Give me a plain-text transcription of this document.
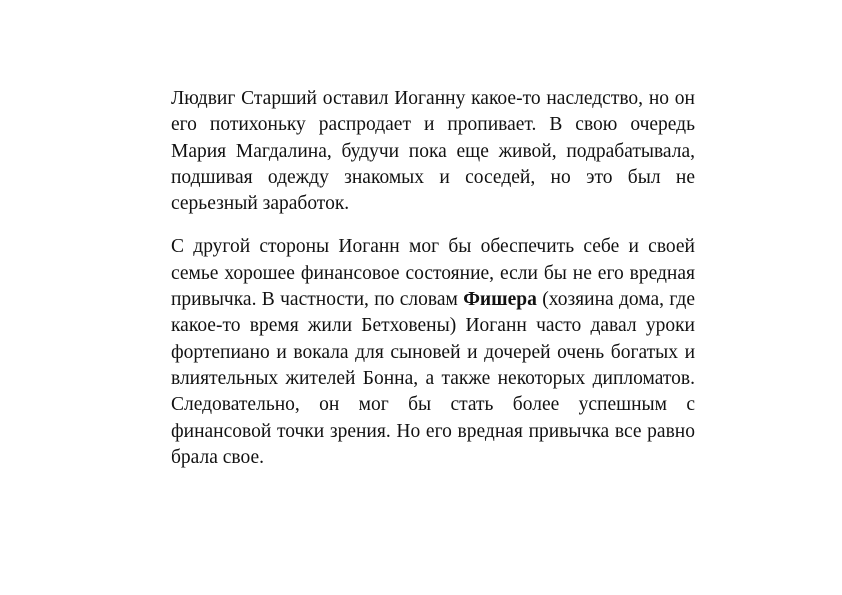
Людвиг Старший оставил Иоганну какое-то наследство, но он его потихоньку распродает и пропивает. В свою очередь Мария Магдалина, будучи пока еще живой, подрабатывала, подшивая одежду знакомых и соседей, но это был не серьезный заработок.

С другой стороны Иоганн мог бы обеспечить себе и своей семье хорошее финансовое состояние, если бы не его вредная привычка. В частности, по словам Фишера (хозяина дома, где какое-то время жили Бетховены) Иоганн часто давал уроки фортепиано и вокала для сыновей и дочерей очень богатых и влиятельных жителей Бонна, а также некоторых дипломатов. Следовательно, он мог бы стать более успешным с финансовой точки зрения. Но его вредная привычка все равно брала свое.
